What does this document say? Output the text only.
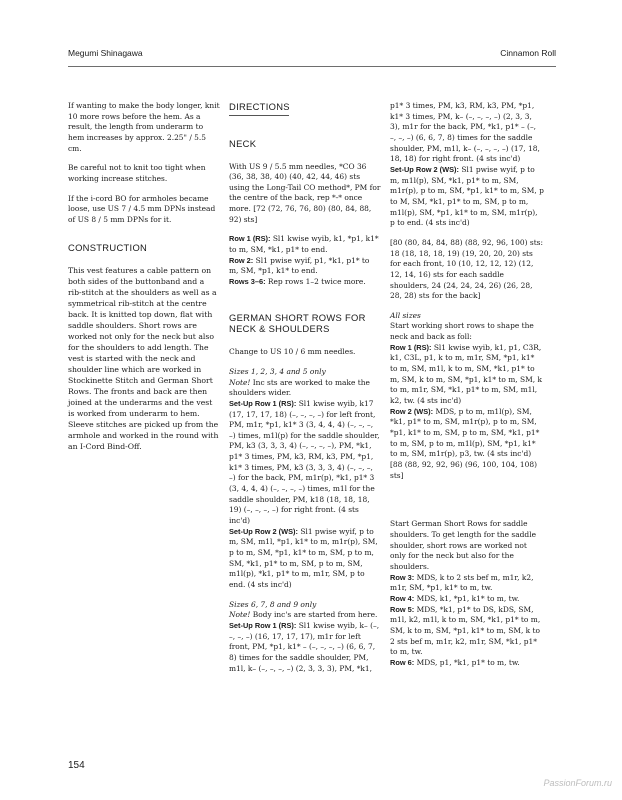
Megumi Shinagawa	Cinnamon Roll

If wanting to make the body longer, knit 10 more rows before the hem. As a result, the length from underarm to hem increases by approx. 2.25" / 5.5 cm.

Be careful not to knit too tight when working increase stitches.

If the i-cord BO for armholes became loose, use US 7 / 4.5 mm DPNs instead of US 8 / 5 mm DPNs for it.

CONSTRUCTION

This vest features a cable pattern on both sides of the buttonband and a rib-stitch at the shoulders as well as a symmetrical rib-stitch at the centre back. It is knitted top down, flat with saddle shoulders. Short rows are worked not only for the neck but also for the shoulders to add length. The vest is started with the neck and shoulder line which are worked in Stockinette Stitch and German Short Rows. The fronts and back are then joined at the underarms and the vest is worked from underarm to hem. Sleeve stitches are picked up from the armhole and worked in the round with an I-Cord Bind-Off.

DIRECTIONS
NECK

With US 9 / 5.5 mm needles, *CO 36 (36, 38, 38, 40) (40, 42, 44, 46) sts using the Long-Tail CO method*, PM for the centre of the back, rep *-* once more. [72 (72, 76, 76, 80) (80, 84, 88, 92) sts]

Row 1 (RS): Sl1 kwise wyib, k1, *p1, k1* to m, SM, *k1, p1* to end.

Row 2: Sl1 pwise wyif, p1, *k1, p1* to m, SM, *p1, k1* to end.

Rows 3–6: Rep rows 1–2 twice more.

GERMAN SHORT ROWS FOR NECK & SHOULDERS

Change to US 10 / 6 mm needles.

Sizes 1, 2, 3, 4 and 5 only

Note! Inc sts are worked to make the shoulders wider.

Set-Up Row 1 (RS): Sl1 kwise wyib, k17 (17, 17, 17, 18) (–, –, –, –) for left front, PM, m1r, *p1, k1* 3 (3, 4, 4, 4) (–, –, –, –) times, m1l(p) for the saddle shoulder, PM, k3 (3, 3, 3, 4) (–, –, –, –), PM, *k1, p1* 3 times, PM, k3, RM, k3, PM, *p1, k1* 3 times, PM, k3 (3, 3, 3, 4) (–, –, –, –) for the back, PM, m1r(p), *k1, p1* 3 (3, 4, 4, 4) (–, –, –, –) times, m1l for the saddle shoulder, PM, k18 (18, 18, 18, 19) (–, –, –, –) for right front. (4 sts inc'd)

Set-Up Row 2 (WS): Sl1 pwise wyif, p to m, SM, m1l, *p1, k1* to m, m1r(p), SM, p to m, SM, *p1, k1* to m, SM, p to m, SM, *k1, p1* to m, SM, p to m, SM, m1l(p), *k1, p1* to m, m1r, SM, p to end. (4 sts inc'd)

Sizes 6, 7, 8 and 9 only

Note! Body inc's are started from here.

Set-Up Row 1 (RS): Sl1 kwise wyib, k– (–, –, –, –) (16, 17, 17, 17), m1r for left front, PM, *p1, k1* – (–, –, –, –) (6, 6, 7, 8) times for the saddle shoulder, PM, m1l, k– (–, –, –, –) (2, 3, 3, 3), PM, *k1,

p1* 3 times, PM, k3, RM, k3, PM, *p1, k1* 3 times, PM, k– (–, –, –, –) (2, 3, 3, 3), m1r for the back, PM, *k1, p1* – (–, –, –, –) (6, 6, 7, 8) times for the saddle shoulder, PM, m1l, k– (–, –, –, –) (17, 18, 18, 18) for right front. (4 sts inc'd)

Set-Up Row 2 (WS): Sl1 pwise wyif, p to m, m1l(p), SM, *k1, p1* to m, SM, m1r(p), p to m, SM, *p1, k1* to m, SM, p to M, SM, *k1, p1* to m, SM, p to m, m1l(p), SM, *p1, k1* to m, SM, m1r(p), p to end. (4 sts inc'd)

[80 (80, 84, 84, 88) (88, 92, 96, 100) sts: 18 (18, 18, 18, 19) (19, 20, 20, 20) sts for each front, 10 (10, 12, 12, 12) (12, 12, 14, 16) sts for each saddle shoulders, 24 (24, 24, 24, 26) (26, 28, 28, 28) sts for the back]

All sizes

Start working short rows to shape the neck and back as foll:

Row 1 (RS): Sl1 kwise wyib, k1, p1, C3R, k1, C3L, p1, k to m, m1r, SM, *p1, k1* to m, SM, m1l, k to m, SM, *k1, p1* to m, SM, k to m, SM, *p1, k1* to m, SM, k to m, m1r, SM, *k1, p1* to m, SM, m1l, k2, tw. (4 sts inc'd)

Row 2 (WS): MDS, p to m, m1l(p), SM, *k1, p1* to m, SM, m1r(p), p to m, SM, *p1, k1* to m, SM, p to m, SM, *k1, p1* to m, SM, p to m, m1l(p), SM, *p1, k1* to m, SM, m1r(p), p3, tw. (4 sts inc'd) [88 (88, 92, 92, 96) (96, 100, 104, 108) sts]

Start German Short Rows for saddle shoulders. To get length for the saddle shoulder, short rows are worked not only for the neck but also for the shoulders.

Row 3: MDS, k to 2 sts bef m, m1r, k2, m1r, SM, *p1, k1* to m, tw.

Row 4: MDS, k1, *p1, k1* to m, tw.

Row 5: MDS, *k1, p1* to DS, kDS, SM, m1l, k2, m1l, k to m, SM, *k1, p1* to m, SM, k to m, SM, *p1, k1* to m, SM, k to 2 sts bef m, m1r, k2, m1r, SM, *k1, p1* to m, tw.

Row 6: MDS, p1, *k1, p1* to m, tw.

154
PassionForum.ru
